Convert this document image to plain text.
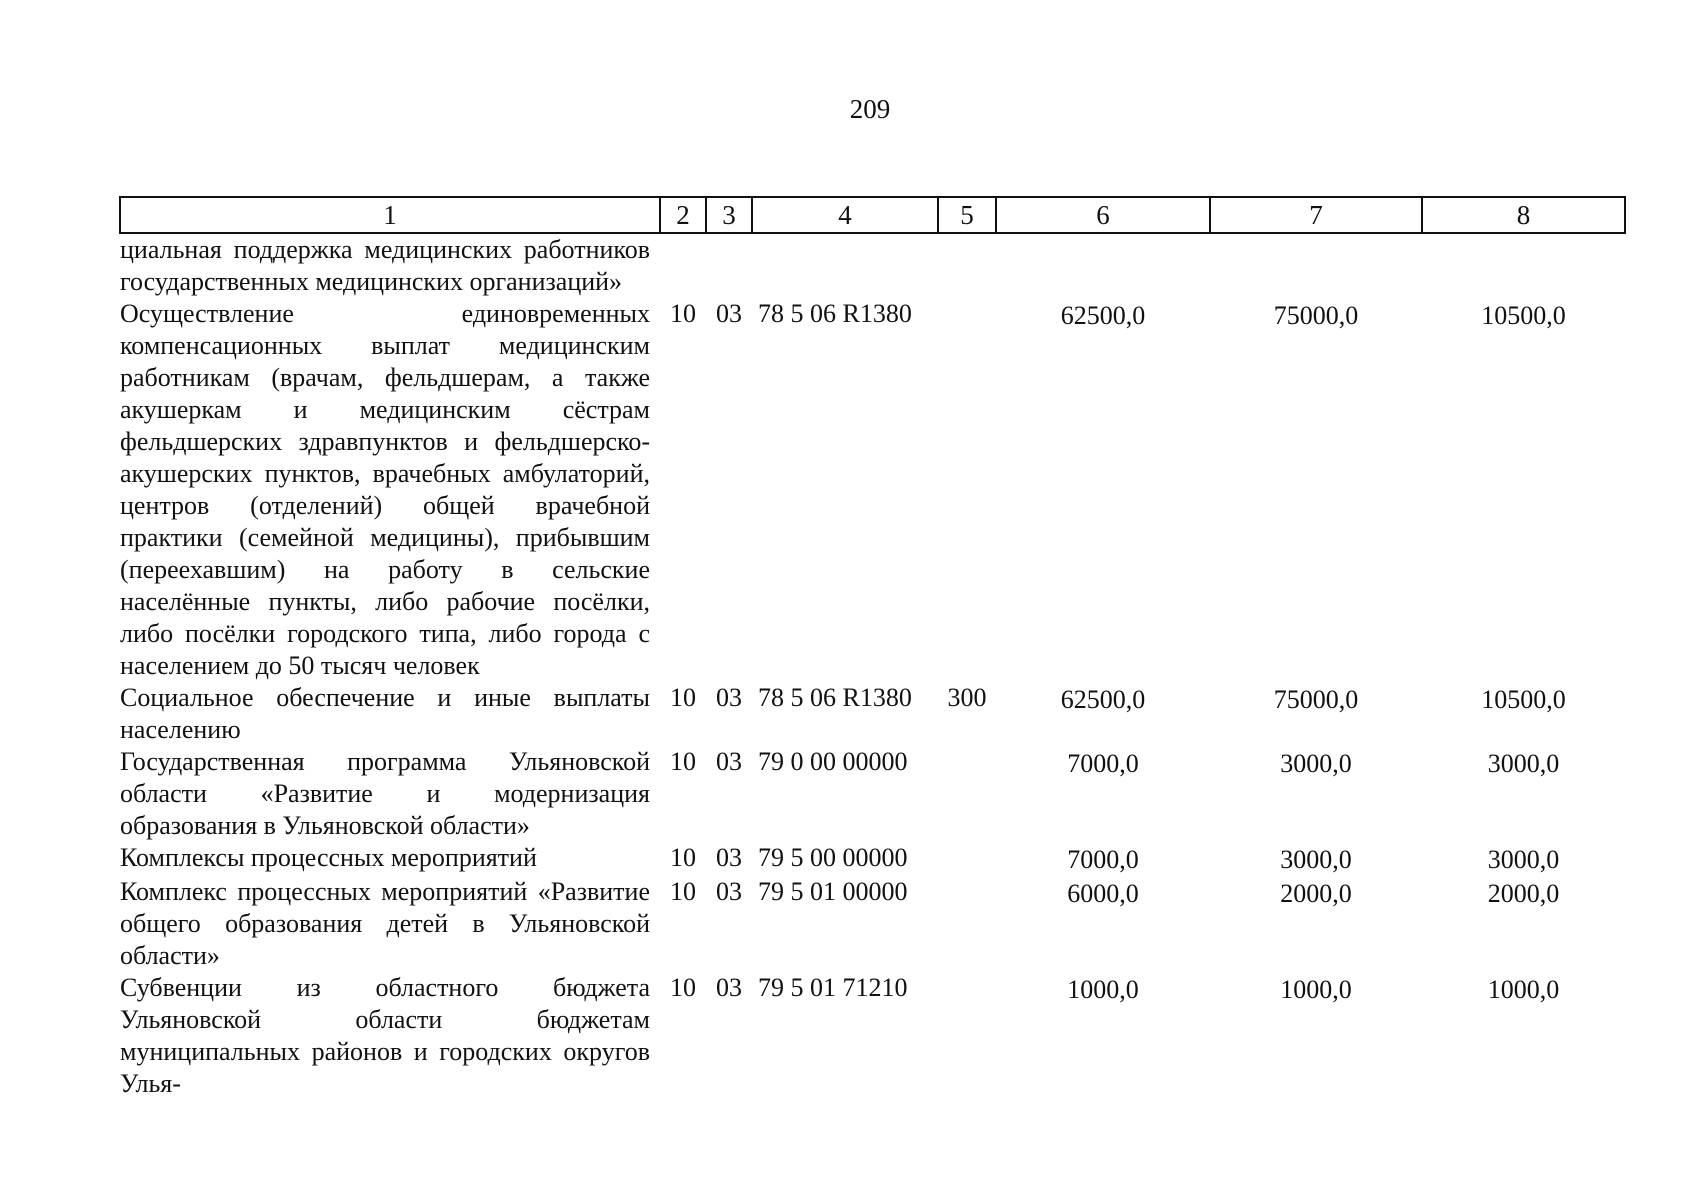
209
1	2	3	4	5	6	7	8
циальная поддержка медицинских работников государственных медицинских организаций»							
Осуществление единовременных компенсационных выплат медицинским работникам (врачам, фельдшерам, а также акушеркам и медицинским сёстрам фельдшерских здравпунктов и фельдшерско-акушерских пунктов, врачебных амбулаторий, центров (отделений) общей врачебной практики (семейной медицины), прибывшим (переехавшим) на работу в сельские населённые пункты, либо рабочие посёлки, либо посёлки городского типа, либо города с населением до 50 тысяч человек	10	03	78 5 06 R1380		62500,0	75000,0	10500,0
Социальное обеспечение и иные выплаты населению	10	03	78 5 06 R1380	300	62500,0	75000,0	10500,0
Государственная программа Ульяновской области «Развитие и модернизация образования в Ульяновской области»	10	03	79 0 00 00000		7000,0	3000,0	3000,0
Комплексы процессных мероприятий	10	03	79 5 00 00000		7000,0	3000,0	3000,0
Комплекс процессных мероприятий «Развитие общего образования детей в Ульяновской области»	10	03	79 5 01 00000		6000,0	2000,0	2000,0
Субвенции из областного бюджета Ульяновской области бюджетам муниципальных районов и городских округов Улья-	10	03	79 5 01 71210		1000,0	1000,0	1000,0
